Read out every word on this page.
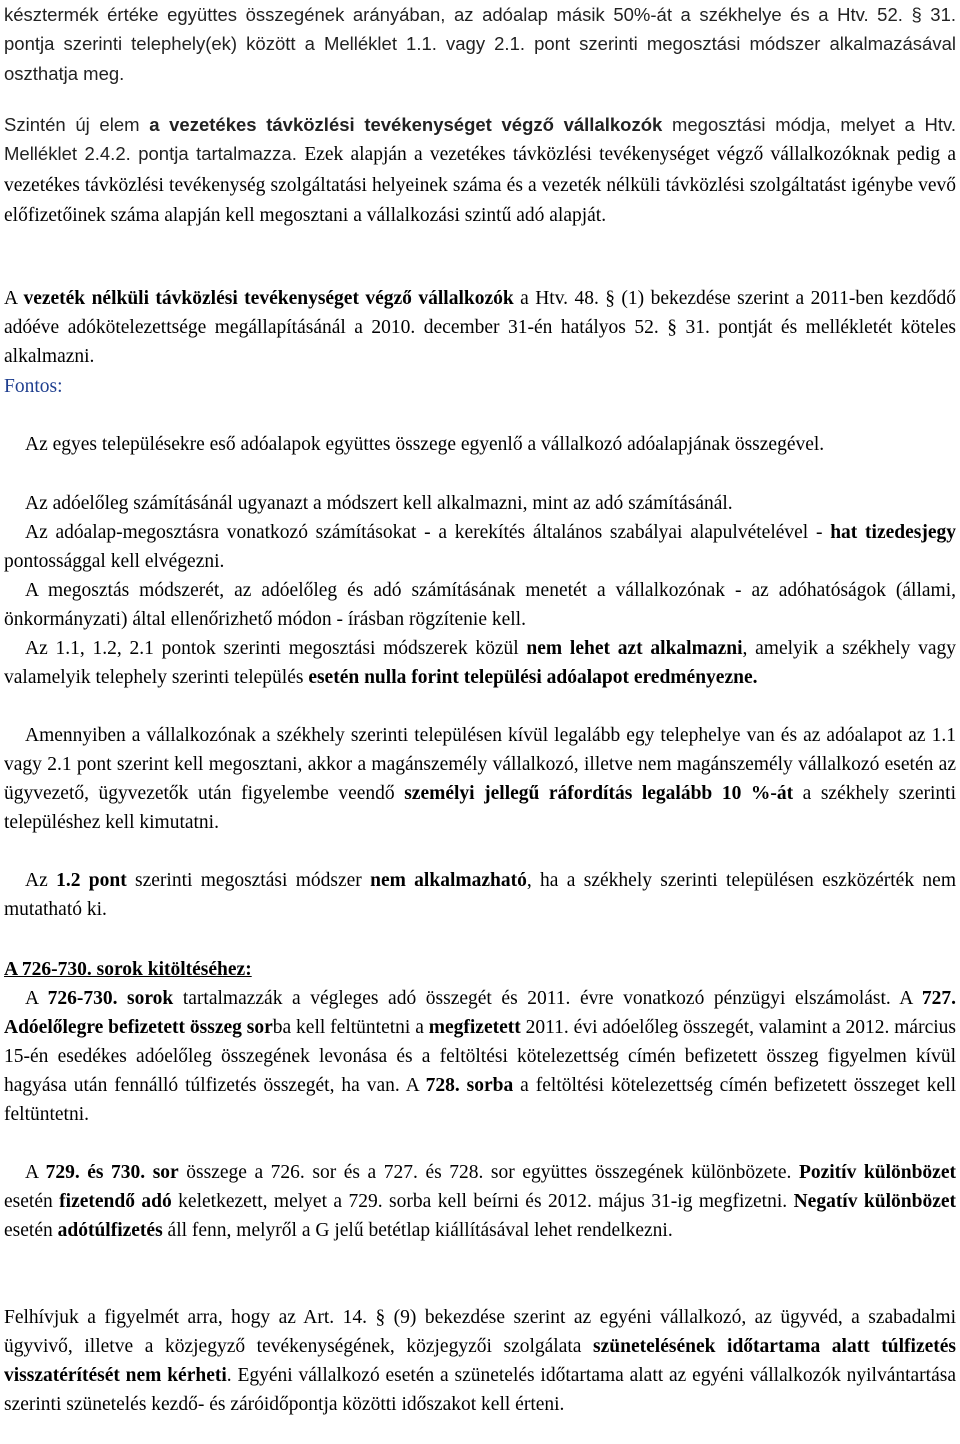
késztermék értéke együttes összegének arányában, az adóalap másik 50%-át a székhelye és a Htv. 52. § 31. pontja szerinti telephely(ek) között a Melléklet 1.1. vagy 2.1. pont szerinti megosztási módszer alkalmazásával oszthatja meg.

Szintén új elem a vezetékes távközlési tevékenységet végző vállalkozók megosztási módja, melyet a Htv. Melléklet 2.4.2. pontja tartalmazza. Ezek alapján a vezetékes távközlési tevékenységet végző vállalkozóknak pedig a vezetékes távközlési tevékenység szolgáltatási helyeinek száma és a vezeték nélküli távközlési szolgáltatást igénybe vevő előfizetőinek száma alapján kell megosztani a vállalkozási szintű adó alapját.

A vezeték nélküli távközlési tevékenységet végző vállalkozók a Htv. 48. § (1) bekezdése szerint a 2011-ben kezdődő adóéve adókötelezettsége megállapításánál a 2010. december 31-én hatályos 52. § 31. pontját és mellékletét köteles alkalmazni.

Fontos:

Az egyes településekre eső adóalapok együttes összege egyenlő a vállalkozó adóalapjának összegével.

Az adóelőleg számításánál ugyanazt a módszert kell alkalmazni, mint az adó számításánál.

Az adóalap-megosztásra vonatkozó számításokat - a kerekítés általános szabályai alapulvételével - hat tizedesjegy pontossággal kell elvégezni.

A megosztás módszerét, az adóelőleg és adó számításának menetét a vállalkozónak - az adóhatóságok (állami, önkormányzati) által ellenőrizhető módon - írásban rögzítenie kell.

Az 1.1, 1.2, 2.1 pontok szerinti megosztási módszerek közül nem lehet azt alkalmazni, amelyik a székhely vagy valamelyik telephely szerinti település esetén nulla forint települési adóalapot eredményezne.

Amennyiben a vállalkozónak a székhely szerinti településen kívül legalább egy telephelye van és az adóalapot az 1.1 vagy 2.1 pont szerint kell megosztani, akkor a magánszemély vállalkozó, illetve nem magánszemély vállalkozó esetén az ügyvezető, ügyvezetők után figyelembe veendő személyi jellegű ráfordítás legalább 10 %-át a székhely szerinti településhez kell kimutatni.

Az 1.2 pont szerinti megosztási módszer nem alkalmazható, ha a székhely szerinti településen eszközérték nem mutatható ki.

A 726-730. sorok kitöltéséhez:

A 726-730. sorok tartalmazzák a végleges adó összegét és 2011. évre vonatkozó pénzügyi elszámolást. A 727. Adóelőlegre befizetett összeg sorba kell feltüntetni a megfizetett 2011. évi adóelőleg összegét, valamint a 2012. március 15-én esedékes adóelőleg összegének levonása és a feltöltési kötelezettség címén befizetett összeg figyelmen kívül hagyása után fennálló túlfizetés összegét, ha van. A 728. sorba a feltöltési kötelezettség címén befizetett összeget kell feltüntetni.

A 729. és 730. sor összege a 726. sor és a 727. és 728. sor együttes összegének különbözete. Pozitív különbözet esetén fizetendő adó keletkezett, melyet a 729. sorba kell beírni és 2012. május 31-ig megfizetni. Negatív különbözet esetén adótúlfizetés áll fenn, melyről a G jelű betétlap kiállításával lehet rendelkezni.

Felhívjuk a figyelmét arra, hogy az Art. 14. § (9) bekezdése szerint az egyéni vállalkozó, az ügyvéd, a szabadalmi ügyvivő, illetve a közjegyző tevékenységének, közjegyzői szolgálata szünetelésének időtartama alatt túlfizetés visszatérítését nem kérheti. Egyéni vállalkozó esetén a szünetelés időtartama alatt az egyéni vállalkozók nyilvántartása szerinti szünetelés kezdő- és záróidőpontja közötti időszakot kell érteni.
